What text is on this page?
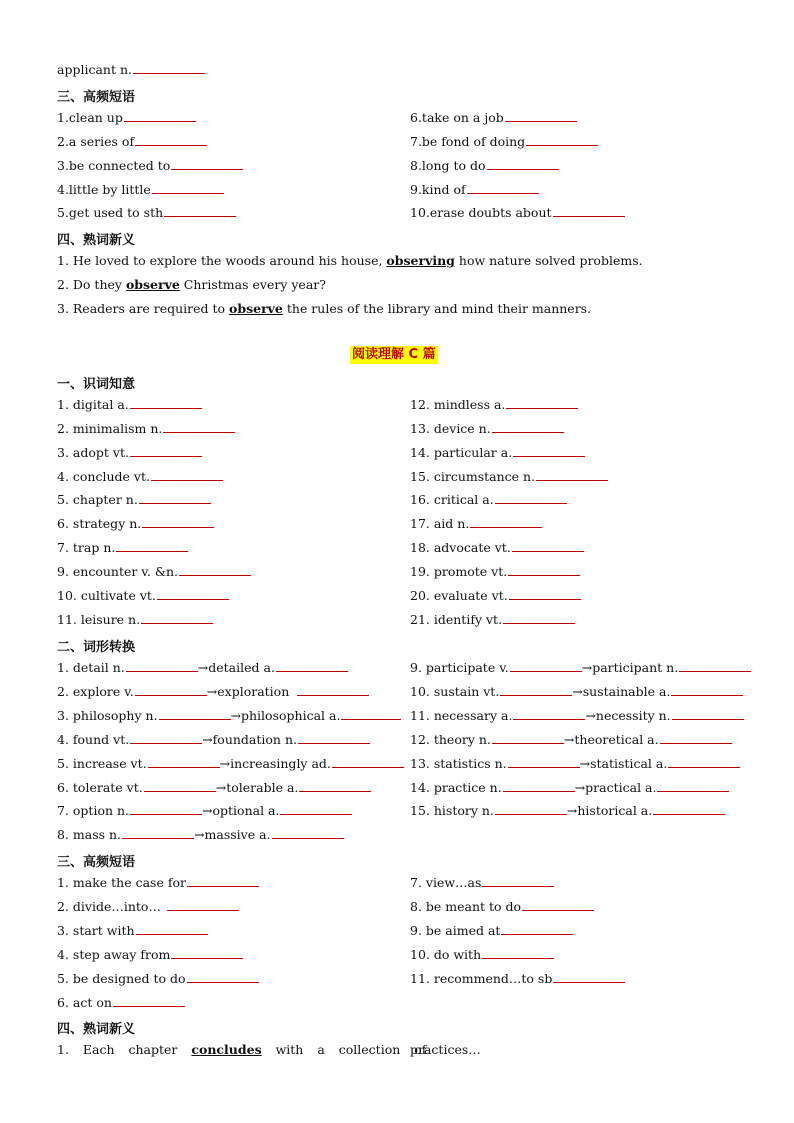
applicant n.
三、高频短语
1.clean up
2.a series of
3.be connected to
4.little by little
5.get used to sth
6.take on a job
7.be fond of doing
8.long to do
9.kind of
10.erase doubts about
四、熟词新义
1. He loved to explore the woods around his house, observing how nature solved problems.
2. Do they observe Christmas every year?
3. Readers are required to observe the rules of the library and mind their manners.
阅读理解 C 篇
一、识词知意
1. digital a.
2. minimalism n.
3. adopt vt.
4. conclude vt.
5. chapter n.
6. strategy n.
7. trap n.
9. encounter v. &n.
10. cultivate vt.
11. leisure n.
12. mindless a.
13. device n.
14. particular a.
15. circumstance n.
16. critical a.
17. aid n.
18. advocate vt.
19. promote vt.
20. evaluate vt.
21. identify vt.
二、词形转换
1. detail n.	→detailed a.
2. explore v.	→exploration
3. philosophy n.	→philosophical a.
4. found vt.	→foundation n.
5. increase vt.	→increasingly ad.
6. tolerate vt.	→tolerable a.
7. option n.	→optional a.
8. mass n.	→massive a.
9. participate v.	→participant n.
10. sustain vt.	→sustainable a.
11. necessary a.	→necessity n.
12. theory n.	→theoretical a.
13. statistics n.	→statistical a.
14. practice n.	→practical a.
15. history n.	→historical a.
三、高频短语
1. make the case for
2. divide…into…
3. start with
4. step away from
5. be designed to do
6. act on
7. view…as
8. be meant to do
9. be aimed at
10. do with
11. recommend…to sb
四、熟词新义
1. Each chapter concludes with a collection of
practices…
